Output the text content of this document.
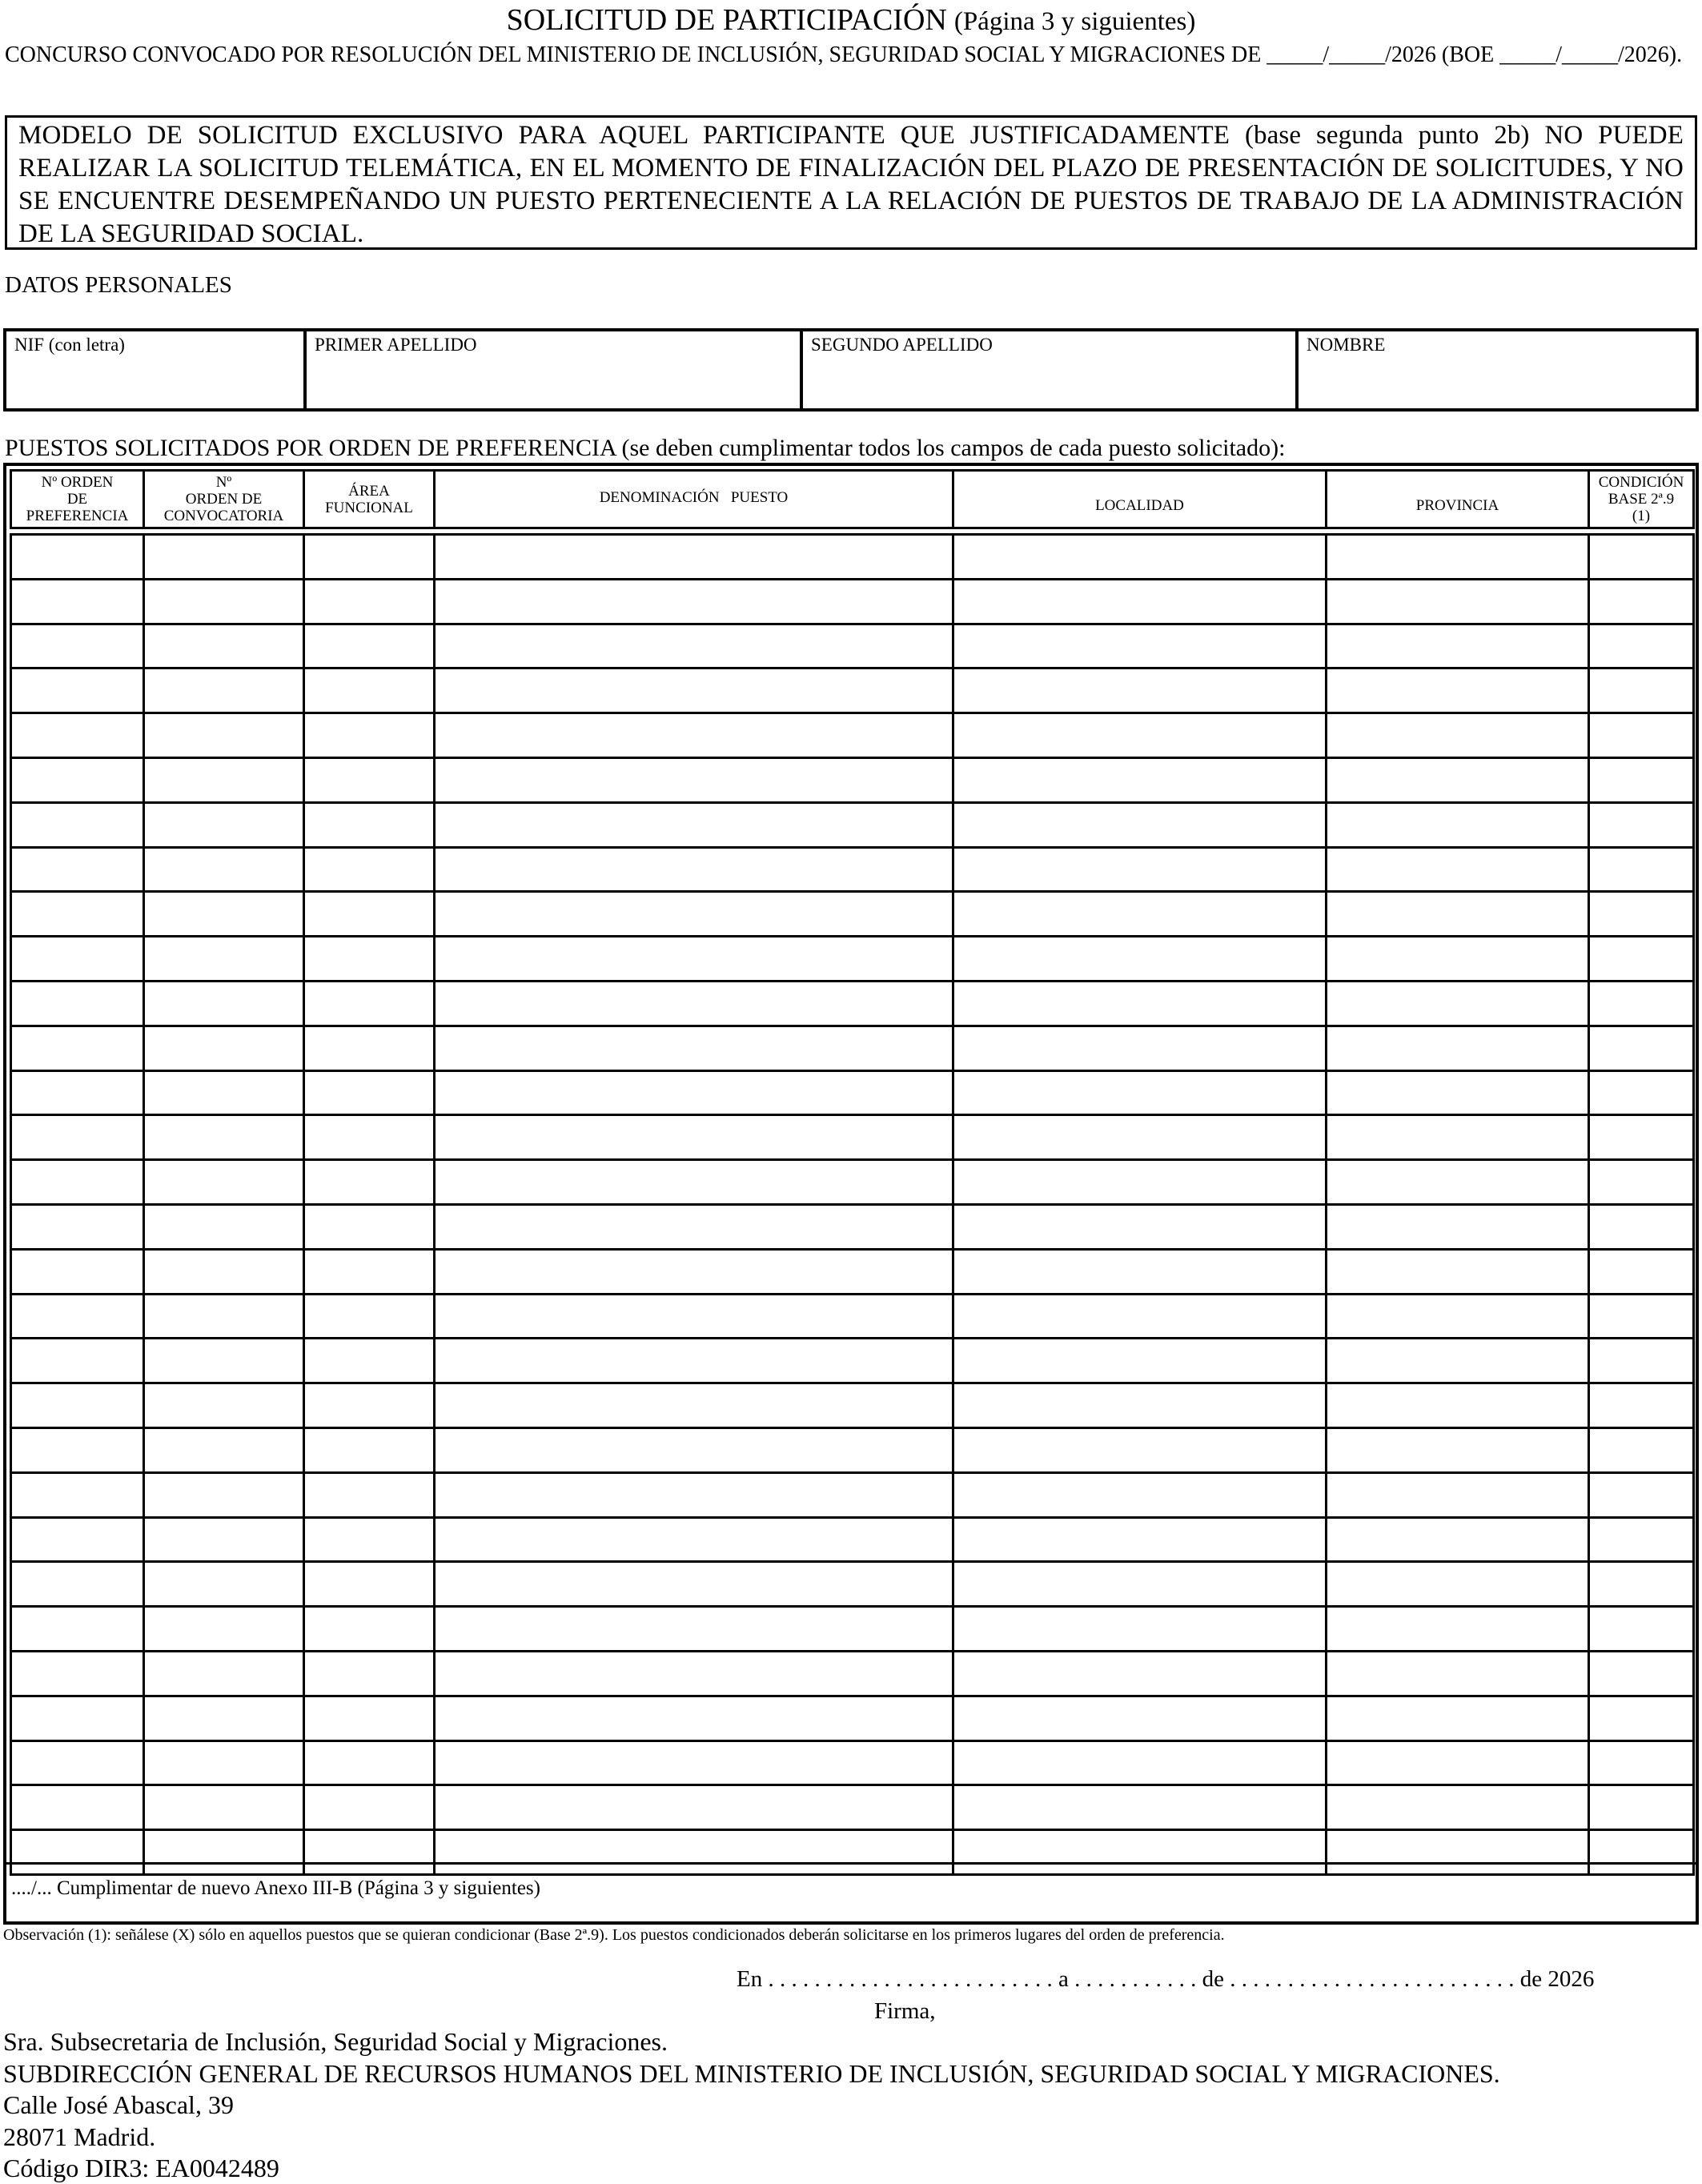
SOLICITUD DE PARTICIPACIÓN (Página 3 y siguientes)
CONCURSO CONVOCADO POR RESOLUCIÓN DEL MINISTERIO DE INCLUSIÓN, SEGURIDAD SOCIAL Y MIGRACIONES DE _____/_____/2026 (BOE _____/_____/2026).
MODELO DE SOLICITUD EXCLUSIVO PARA AQUEL PARTICIPANTE QUE JUSTIFICADAMENTE (base segunda punto 2b) NO PUEDE REALIZAR LA SOLICITUD TELEMÁTICA, EN EL MOMENTO DE FINALIZACIÓN DEL PLAZO DE PRESENTACIÓN DE SOLICITUDES, Y NO SE ENCUENTRE DESEMPEÑANDO UN PUESTO PERTENECIENTE A LA RELACIÓN DE PUESTOS DE TRABAJO DE LA ADMINISTRACIÓN DE LA SEGURIDAD SOCIAL.
DATOS PERSONALES
NIF (con letra)	PRIMER APELLIDO	SEGUNDO APELLIDO	NOMBRE
PUESTOS SOLICITADOS POR ORDEN DE PREFERENCIA (se deben cumplimentar todos los campos de cada puesto solicitado):
Nº ORDEN
DE
PREFERENCIA	Nº
ORDEN DE
CONVOCATORIA	ÁREA
FUNCIONAL	DENOMINACIÓN   PUESTO	LOCALIDAD	PROVINCIA	CONDICIÓN
BASE 2ª.9
(1)

..../... Cumplimentar de nuevo Anexo III-B (Página 3 y siguientes)
Observación (1): señálese (X) sólo en aquellos puestos que se quieran condicionar (Base 2ª.9). Los puestos condicionados deberán solicitarse en los primeros lugares del orden de preferencia.
En . . . . . . . . . . . . . . . . . . . . . . . . . a . . . . . . . . . . . de . . . . . . . . . . . . . . . . . . . . . . . . . de 2026
Firma,
Sra. Subsecretaria de Inclusión, Seguridad Social y Migraciones.
SUBDIRECCIÓN GENERAL DE RECURSOS HUMANOS DEL MINISTERIO DE INCLUSIÓN, SEGURIDAD SOCIAL Y MIGRACIONES.
Calle José Abascal, 39
28071 Madrid.
Código DIR3: EA0042489
